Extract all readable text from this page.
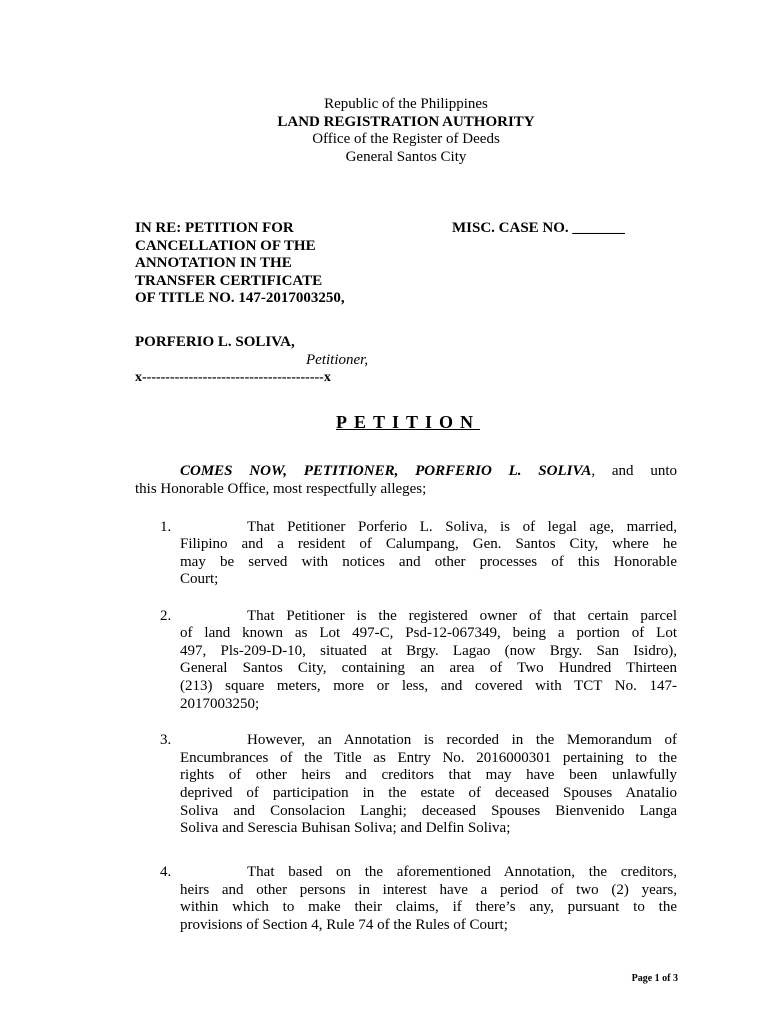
Republic of the Philippines
LAND REGISTRATION AUTHORITY
Office of the Register of Deeds
General Santos City
IN RE: PETITION FOR
CANCELLATION OF THE
ANNOTATION IN THE
TRANSFER CERTIFICATE
OF TITLE NO. 147-2017003250,
MISC. CASE NO. _______
PORFERIO L. SOLIVA,
Petitioner,
x---------------------------------------x
PETITION
COMES NOW, PETITIONER, PORFERIO L. SOLIVA, and unto
this Honorable Office, most respectfully alleges;
1.	That Petitioner Porferio L. Soliva, is of legal age, married,
Filipino and a resident of Calumpang, Gen. Santos City, where he
may be served with notices and other processes of this Honorable
Court;
2.	That Petitioner is the registered owner of that certain parcel
of land known as Lot 497-C, Psd-12-067349, being a portion of Lot
497, Pls-209-D-10, situated at Brgy. Lagao (now Brgy. San Isidro),
General Santos City, containing an area of Two Hundred Thirteen
(213) square meters, more or less, and covered with TCT No. 147-
2017003250;
3.	However, an Annotation is recorded in the Memorandum of
Encumbrances of the Title as Entry No. 2016000301 pertaining to the
rights of other heirs and creditors that may have been unlawfully
deprived of participation in the estate of deceased Spouses Anatalio
Soliva and Consolacion Langhi; deceased Spouses Bienvenido Langa
Soliva and Serescia Buhisan Soliva; and Delfin Soliva;
4.	That based on the aforementioned Annotation, the creditors,
heirs and other persons in interest have a period of two (2) years,
within which to make their claims, if there’s any, pursuant to the
provisions of Section 4, Rule 74 of the Rules of Court;
Page 1 of 3
